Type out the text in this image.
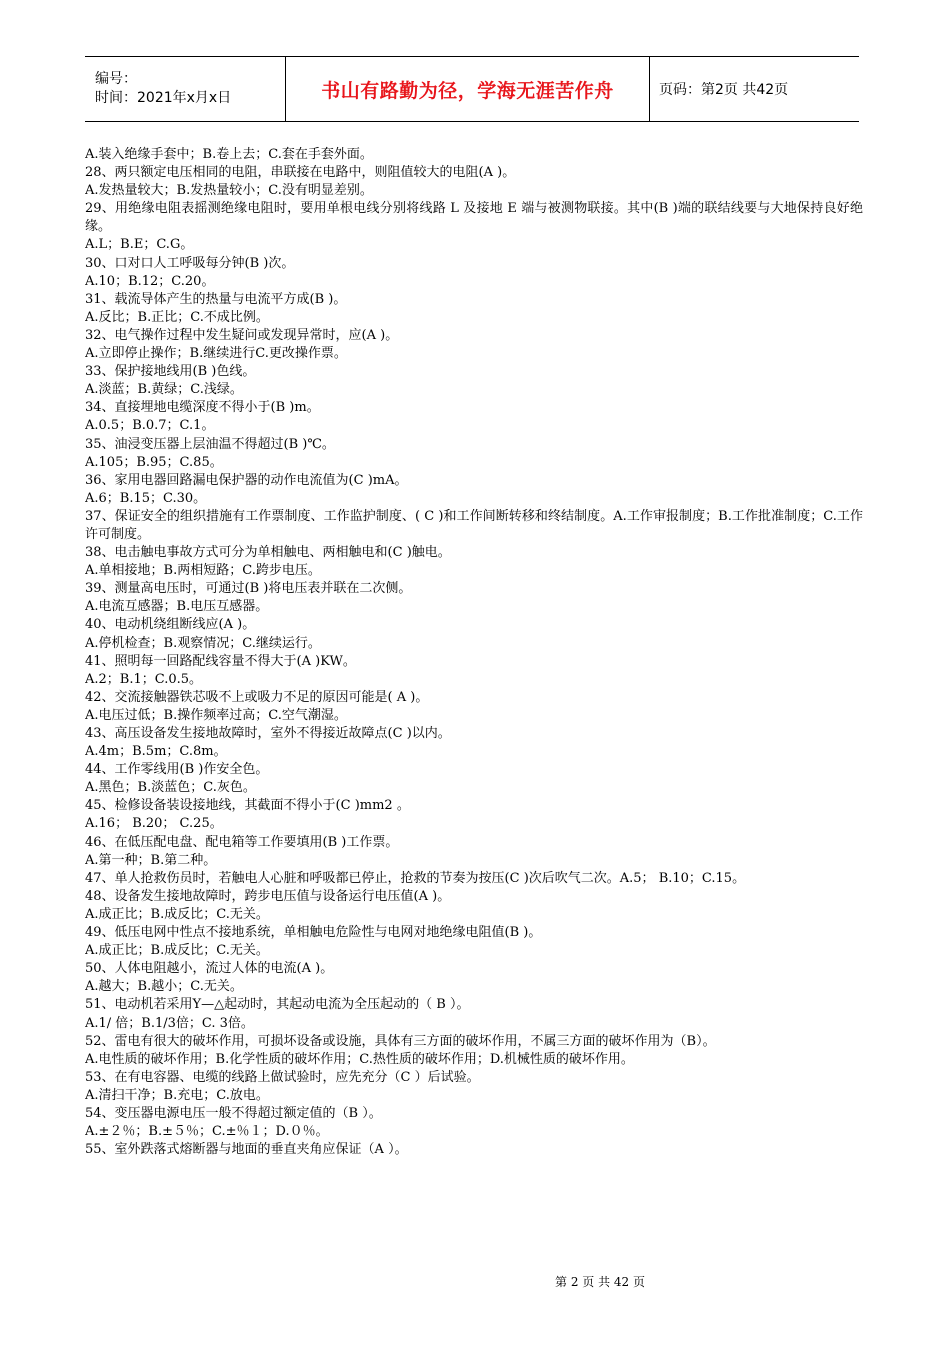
编号：
时间：2021年x月x日	书山有路勤为径，学海无涯苦作舟	页码：第2页 共42页
A.装入绝缘手套中；B.卷上去；C.套在手套外面。
28、两只额定电压相同的电阻，串联接在电路中，则阻值较大的电阻(A )。
A.发热量较大；B.发热量较小；C.没有明显差别。
29、用绝缘电阻表摇测绝缘电阻时，要用单根电线分别将线路 L 及接地 E 端与被测物联接。其中(B )端的联结线要与大地保持良好绝缘。
A.L；B.E；C.G。
30、口对口人工呼吸每分钟(B )次。
A.10；B.12；C.20。
31、载流导体产生的热量与电流平方成(B )。
A.反比；B.正比；C.不成比例。
32、电气操作过程中发生疑问或发现异常时，应(A )。
A.立即停止操作；B.继续进行C.更改操作票。
33、保护接地线用(B )色线。
A.淡蓝；B.黄绿；C.浅绿。
34、直接埋地电缆深度不得小于(B )m。
A.0.5；B.0.7；C.1。
35、油浸变压器上层油温不得超过(B )℃。
A.105；B.95；C.85。
36、家用电器回路漏电保护器的动作电流值为(C )mA。
A.6；B.15；C.30。
37、保证安全的组织措施有工作票制度、工作监护制度、( C )和工作间断转移和终结制度。A.工作审报制度；B.工作批准制度；C.工作许可制度。
38、电击触电事故方式可分为单相触电、两相触电和(C )触电。
A.单相接地；B.两相短路；C.跨步电压。
39、测量高电压时，可通过(B )将电压表并联在二次侧。
A.电流互感器；B.电压互感器。
40、电动机绕组断线应(A )。
A.停机检查；B.观察情况；C.继续运行。
41、照明每一回路配线容量不得大于(A )KW。
A.2；B.1；C.0.5。
42、交流接触器铁芯吸不上或吸力不足的原因可能是( A )。
A.电压过低；B.操作频率过高；C.空气潮湿。
43、高压设备发生接地故障时，室外不得接近故障点(C )以内。
A.4m；B.5m；C.8m。
44、工作零线用(B )作安全色。
A.黑色；B.淡蓝色；C.灰色。
45、检修设备装设接地线，其截面不得小于(C )mm2 。
A.16； B.20； C.25。
46、在低压配电盘、配电箱等工作要填用(B )工作票。
A.第一种；B.第二种。
47、单人抢救伤员时，若触电人心脏和呼吸都已停止，抢救的节奏为按压(C )次后吹气二次。A.5； B.10；C.15。
48、设备发生接地故障时，跨步电压值与设备运行电压值(A )。
A.成正比；B.成反比；C.无关。
49、低压电网中性点不接地系统，单相触电危险性与电网对地绝缘电阻值(B )。
A.成正比；B.成反比；C.无关。
50、人体电阻越小，流过人体的电流(A )。
A.越大；B.越小；C.无关。
51、电动机若采用Y—△起动时，其起动电流为全压起动的（ B ）。
A.1/ 倍；B.1/3倍；C. 3倍。
52、雷电有很大的破坏作用，可损坏设备或设施，具体有三方面的破坏作用，不属三方面的破坏作用为（B）。
A.电性质的破坏作用；B.化学性质的破坏作用；C.热性质的破坏作用；D.机械性质的破坏作用。
53、在有电容器、电缆的线路上做试验时，应先充分（C ）后试验。
A.清扫干净；B.充电；C.放电。
54、变压器电源电压一般不得超过额定值的（B ）。
A.±２％；B.±５％；C.±％１；D.０％。
55、室外跌落式熔断器与地面的垂直夹角应保证（A ）。
第 2 页 共 42 页
